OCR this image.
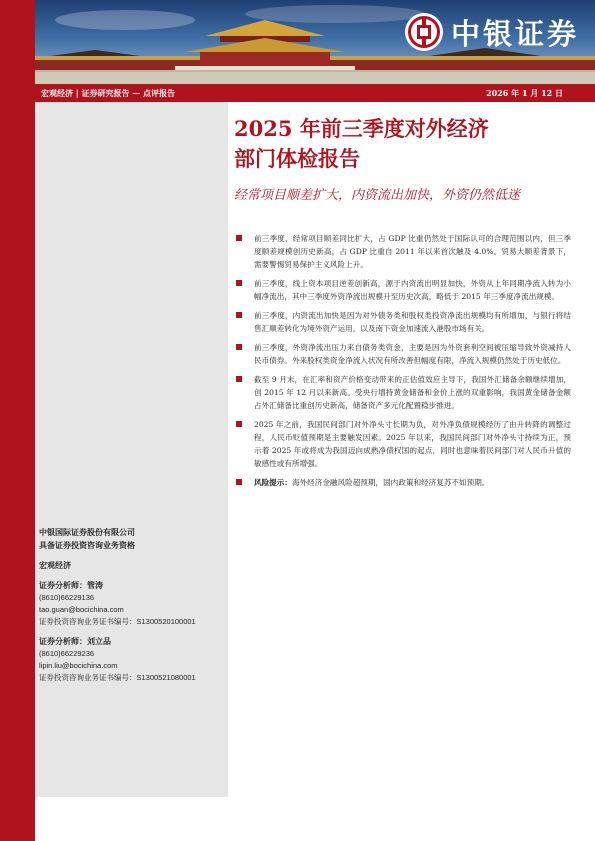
中银证券
宏观经济 | 证券研究报告 — 点评报告	2026 年 1 月 12 日
2025 年前三季度对外经济
部门体检报告
经常项目顺差扩大，内资流出加快，外资仍然低迷
前三季度，经常项目顺差同比扩大，占 GDP 比重仍然处于国际认可的合理范围以内，但三季度顺差规模创历史新高，占 GDP 比重自 2011 年以来首次触及 4.0%。贸易大顺差背景下，需要警惕贸易保护主义风险上升。
前三季度，线上资本项目逆差创新高，源于内资流出明显加快，外资从上年同期净流入转为小幅净流出，其中三季度外资净流出规模升至历史次高，略低于 2015 年三季度净流出规模。
前三季度，内资流出加快是因为对外债务类和股权类投资净流出规模均有所增加，与银行将结售汇顺差转化为境外资产运用，以及南下资金加速流入港股市场有关。
前三季度，外资净流出压力来自债务类资金，主要是因为外资套利空间被压缩导致外资减持人民币债券。外来股权类资金净流入状况有所改善但幅度有限，净流入规模仍然处于历史低位。
截至 9 月末，在汇率和资产价格变动带来的正估值效应主导下，我国外汇储备余额继续增加，创 2015 年 12 月以来新高。受央行增持黄金储备和金价上涨的双重影响，我国黄金储备金额占外汇储备比重创历史新高，储备资产多元化配置稳步推进。
2025 年之前，我国民间部门对外净头寸长期为负，对外净负债规模经历了由升转降的调整过程，人民币贬值预期是主要触发因素。2025 年以来，我国民间部门对外净头寸持续为正，预示着 2025 年或将成为我国迈向成熟净债权国的起点，同时也意味着民间部门对人民币升值的敏感性或有所增强。
风险提示：海外经济金融风险超预期，国内政策和经济复苏不如预期。
中银国际证券股份有限公司
具备证券投资咨询业务资格
宏观经济
证券分析师：管涛
(8610)66229136
tao.guan@bocichina.com
证券投资咨询业务证书编号：S1300520100001
证券分析师：刘立品
(8610)66229236
lipin.liu@bocichina.com
证券投资咨询业务证书编号：S1300521080001
